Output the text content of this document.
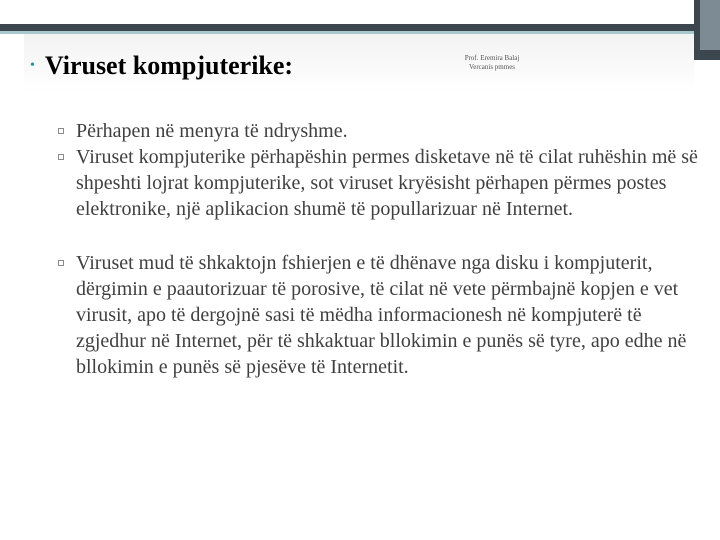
• Viruset kompjuterike:	Prof. Eremira Balaj
Vercanis pmmes
Përhapen në menyra të ndryshme.
Viruset kompjuterike përhapëshin permes disketave në të cilat ruhëshin më së shpeshti lojrat kompjuterike, sot viruset kryësisht përhapen përmes postes elektronike, një aplikacion shumë të popullarizuar në Internet.
Viruset mud të shkaktojn fshierjen e të dhënave nga disku i kompjuterit, dërgimin e paautorizuar të porosive, të cilat në vete përmbajnë kopjen e vet virusit, apo të dergojnë sasi të mëdha informacionesh në kompjuterë të zgjedhur në Internet, për të shkaktuar bllokimin e punës së tyre, apo edhe në bllokimin e punës së pjesëve të Internetit.
